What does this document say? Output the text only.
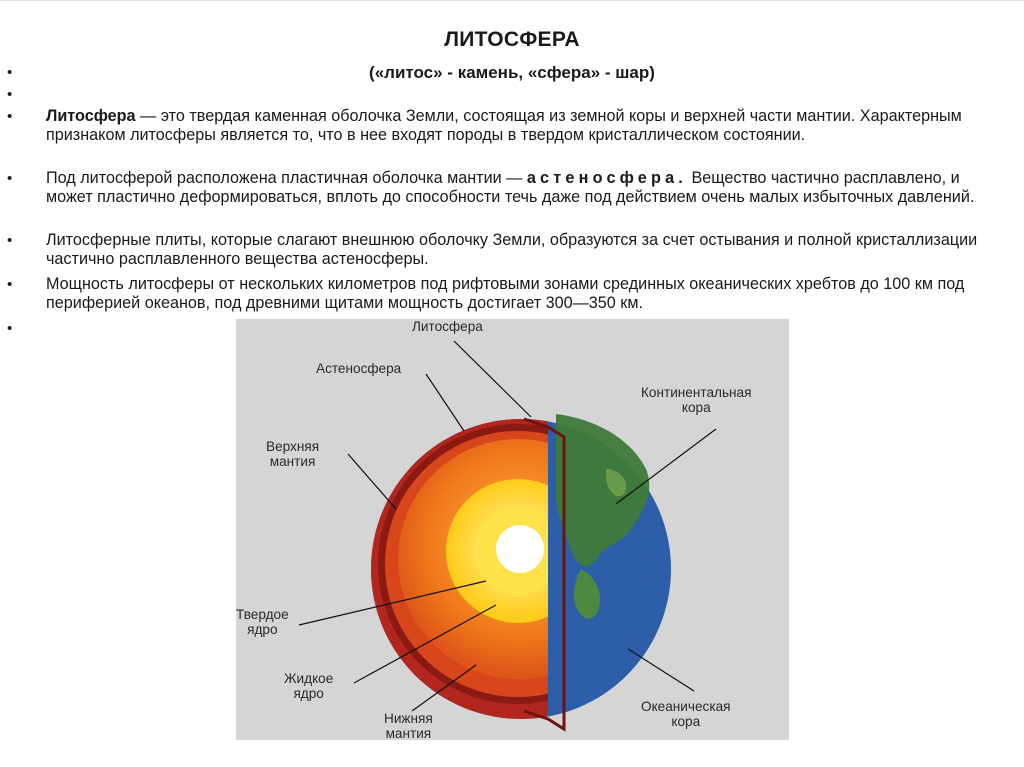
ЛИТОСФЕРА
•	(«литос» - камень, «сфера» - шар)
•
• Литосфера — это твердая каменная оболочка Земли, состоящая из земной коры и верхней части мантии. Характерным признаком литосферы является то, что в нее входят породы в твердом кристаллическом состоянии.

• Под литосферой расположена пластичная оболочка мантии — астеносфера. Вещество частично расплавлено, и может пластично деформироваться, вплоть до способности течь даже под действием очень малых избыточных давлений.

• Литосферные плиты, которые слагают внешнюю оболочку Земли, образуются за счет остывания и полной кристаллизации частично расплавленного вещества астеносферы.

• Мощность литосферы от нескольких километров под рифтовыми зонами срединных океанических хребтов до 100 км под периферией океанов, под древними щитами мощность достигает 300—350 км.

•	Литосфера
Астеносфера
Верхняя
мантия
Континентальная
кора
Твердое
ядро
Жидкое
ядро
Нижняя
мантия
Океаническая
кора
